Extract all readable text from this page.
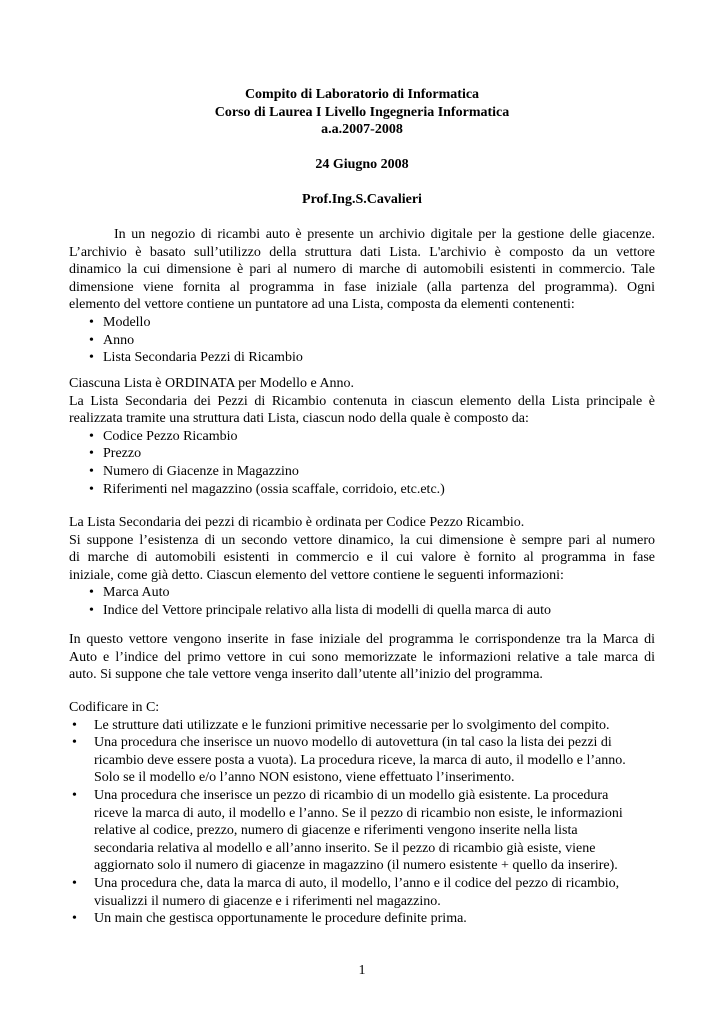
Compito di Laboratorio di Informatica
Corso di Laurea I Livello Ingegneria Informatica
a.a.2007-2008
24 Giugno 2008
Prof.Ing.S.Cavalieri
In un negozio di ricambi auto è presente un archivio digitale per la gestione delle giacenze.
L’archivio è basato sull’utilizzo della struttura dati Lista. L'archivio è composto da un vettore
dinamico la cui dimensione è pari al numero di marche di automobili esistenti in commercio. Tale
dimensione viene fornita al programma in fase iniziale (alla partenza del programma). Ogni
elemento del vettore contiene un puntatore ad una Lista, composta da elementi contenenti:
• Modello
• Anno
• Lista Secondaria Pezzi di Ricambio
Ciascuna Lista è ORDINATA per Modello e Anno.
La Lista Secondaria dei Pezzi di Ricambio contenuta in ciascun elemento della Lista principale è
realizzata tramite una struttura dati Lista, ciascun nodo della quale è composto da:
• Codice Pezzo Ricambio
• Prezzo
• Numero di Giacenze in Magazzino
• Riferimenti nel magazzino (ossia scaffale, corridoio, etc.etc.)
La Lista Secondaria dei pezzi di ricambio è ordinata per Codice Pezzo Ricambio.
Si suppone l’esistenza di un secondo vettore dinamico, la cui dimensione è sempre pari al numero
di marche di automobili esistenti in commercio e il cui valore è fornito al programma in fase
iniziale, come già detto. Ciascun elemento del vettore contiene le seguenti informazioni:
• Marca Auto
• Indice del Vettore principale relativo alla lista di modelli di quella marca di auto
In questo vettore vengono inserite in fase iniziale del programma le corrispondenze tra la Marca di
Auto e l’indice del primo vettore in cui sono memorizzate le informazioni relative a tale marca di
auto. Si suppone che tale vettore venga inserito dall’utente all’inizio del programma.
Codificare in C:
• Le strutture dati utilizzate e le funzioni primitive necessarie per lo svolgimento del compito.
• Una procedura che inserisce un nuovo modello di autovettura (in tal caso la lista dei pezzi di
ricambio deve essere posta a vuota). La procedura riceve, la marca di auto, il modello e l’anno.
Solo se il modello e/o l’anno NON esistono, viene effettuato l’inserimento.
• Una procedura che inserisce un pezzo di ricambio di un modello già esistente. La procedura
riceve la marca di auto, il modello e l’anno. Se il pezzo di ricambio non esiste, le informazioni
relative al codice, prezzo, numero di giacenze e riferimenti vengono inserite nella lista
secondaria relativa al modello e all’anno inserito. Se il pezzo di ricambio già esiste, viene
aggiornato solo il numero di giacenze in magazzino (il numero esistente + quello da inserire).
• Una procedura che, data la marca di auto, il modello, l’anno e il codice del pezzo di ricambio,
visualizzi il numero di giacenze e i riferimenti nel magazzino.
• Un main che gestisca opportunamente le procedure definite prima.
1
